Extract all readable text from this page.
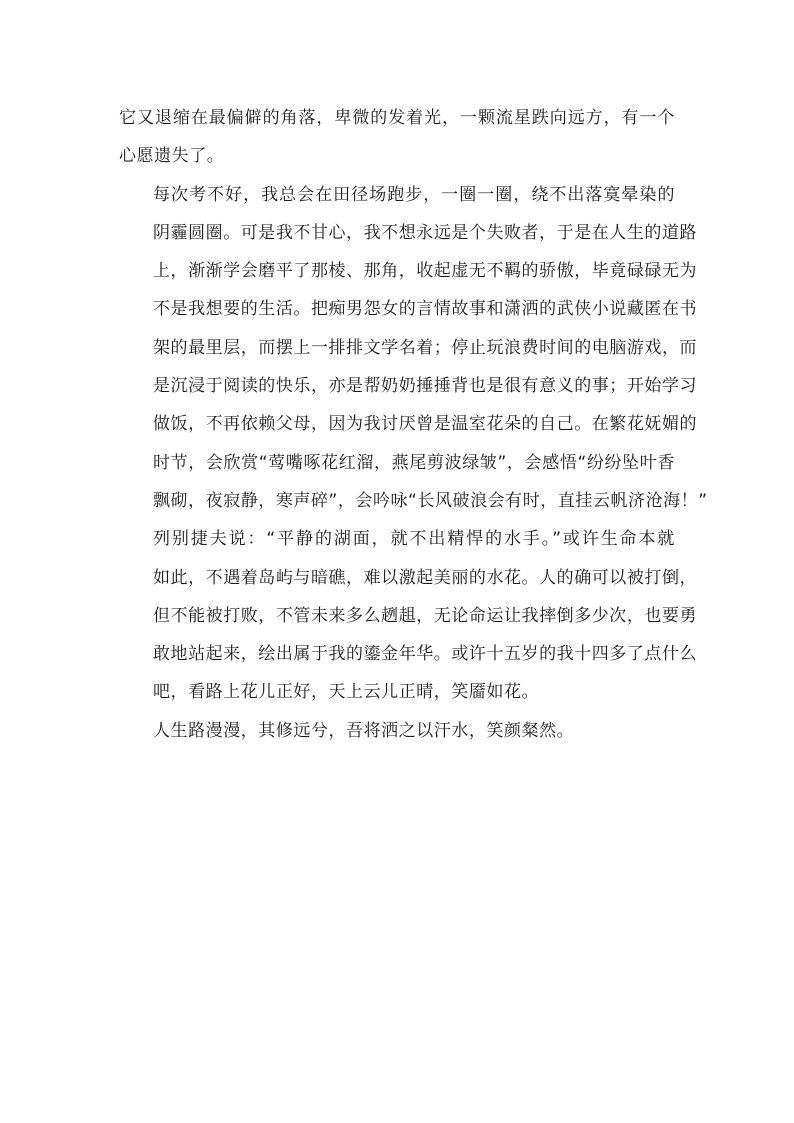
它又退缩在最偏僻的角落，卑微的发着光，一颗流星跌向远方，有一个
心愿遗失了。

每次考不好，我总会在田径场跑步，一圈一圈，绕不出落寞晕染的
阴霾圆圈。可是我不甘心，我不想永远是个失败者，于是在人生的道路
上，渐渐学会磨平了那棱、那角，收起虚无不羁的骄傲，毕竟碌碌无为
不是我想要的生活。把痴男怨女的言情故事和潇洒的武侠小说藏匿在书
架的最里层，而摆上一排排文学名着；停止玩浪费时间的电脑游戏，而
是沉浸于阅读的快乐，亦是帮奶奶捶捶背也是很有意义的事；开始学习
做饭，不再依赖父母，因为我讨厌曾是温室花朵的自己。在繁花妩媚的
时节，会欣赏“莺嘴啄花红溜，燕尾剪波绿皱”，会感悟“纷纷坠叶香
飘砌，夜寂静，寒声碎”，会吟咏“长风破浪会有时，直挂云帆济沧海！”

列别捷夫说：“平静的湖面，就不出精悍的水手。”或许生命本就
如此，不遇着岛屿与暗礁，难以激起美丽的水花。人的确可以被打倒，
但不能被打败，不管未来多么趔趄，无论命运让我摔倒多少次，也要勇
敢地站起来，绘出属于我的鎏金年华。或许十五岁的我十四多了点什么
吧，看路上花儿正好，天上云儿正晴，笑靥如花。

人生路漫漫，其修远兮，吾将洒之以汗水，笑颜粲然。
